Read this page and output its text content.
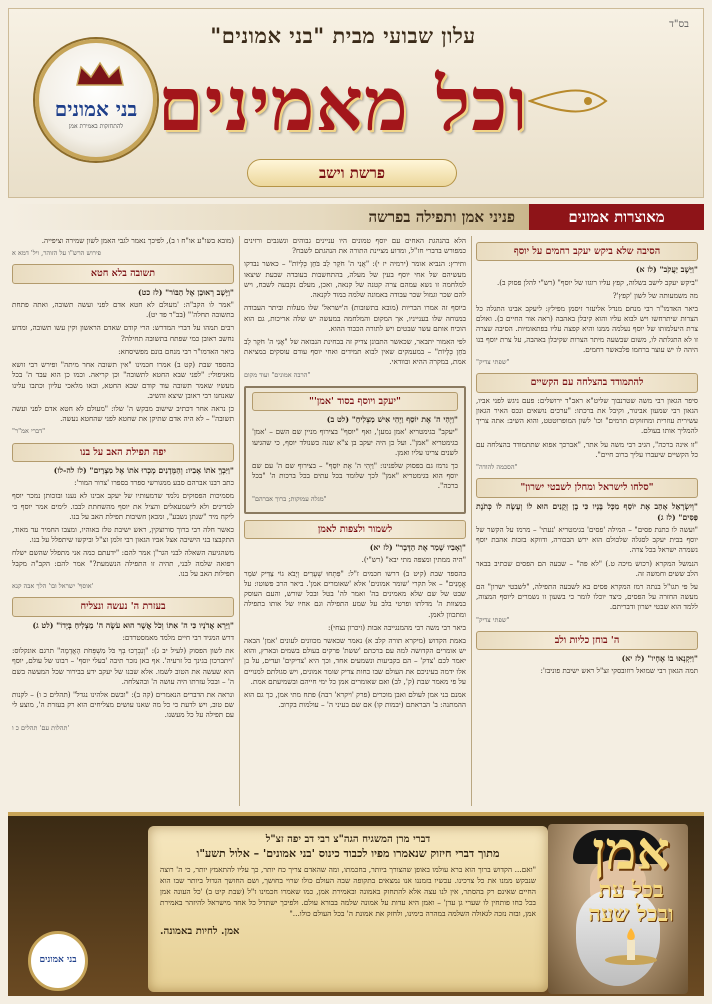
בס"ד
עלון שבועי מבית "בני אמונים"
וכל מאמינים
פרשת וישב
בני אמונים
להתחזקות באמירת אמן
מאוצרות אמונים
פניני אמן ותפילה בפרשה
הסיבה שלא ביקש יעקב רחמים על יוסף
"וַיֵּשֶׁב יַעֲקֹב" (לז א)
"ביקש יעקב לישב בשלוה, קפץ עליו רוגזו של יוסף" (רש"י להלן פסוק ב).
מה משמעותה של לשון 'קפץ'?
ביאר האדמו"ר רבי מנחם מנדל אליעזר זיסמן מפילץ: ליעקב אבינו התגלה כל הצרות שיתרחשו ויש לבוא עליו והוא קיבלן באהבה (ראה אור החיים ב). ואולם צרת היעלמותו של יוסף נעלמה ממנו והיא קפצה עליו בפתאומיות. הסיבה שצרה זו לא התגלתה לו, משום שבשעה מיתר הצרות שקיבלן באהבה, על צרת יוסף בנו היהה לו יש עוצר ברחמו פלכאשר רחמים.
"שפתי צדיק"
להתמודד בהצלחה עם הקשיים
סיפר הגאון רבי משה שטרנבוך שליט"א ראב"ד ירושלים: פעם ניגש לפני אביו, הגאון רבי שמעון אבינור, וקיבל את ברכתו: "ערכים נושאים ונכס האיר הגאון עשירית עוזרית ומחזוקים תרמים" וכו' לשון המופרוטטט, והוא השיב: אתה צריך להמליך אותו בעולם.
"זו אינה ברכה", הגיב רבי משה על אתר, "אברכך אפוא שתתמודד בהצלחה עם כל הקשיים שיעברו עליך ברוב חיים".
"הסכמה להודה"
"סלחו לישראל ומחלן לשבטי ישרון"
"וְיִשְׂרָאֵל אָהַב אֶת יוֹסֵף מִכָּל בָּנָיו כִּי בֶן זְקֻנִים הוּא לוֹ וְעָשָׂה לוֹ כְּתֹנֶת פַּסִּים" (לז ג)
"ועשה לו כתנת פסים" – המילה 'פסים' בגימטריא 'נעתי' – מרמז על הקשר של יוסף בבית יעקב לסגלה שלכולם הוא ירש הבכורה, ודווקא בזכות אהבת יוסף נשמרה ישראל בכל צרה.
הנמשל המקרא (רכוש מיכה ט.) "לא פה" – שבעה הם הפסים שכתיב בבאר הלב ששים וחמשה זה.
על פי תגו"ל בנתה רמז המקרא פסים בא לשבעה התפילה, "לשבטי ישרון" הם מעשה החזרה על הפסים, כיצד יוכלו לומר כי בשעון זו נשמרים ליוסף המצוה, ללמד הוא שבטי ישרון ודבריתם.
"שפתי צדיק"
ה' בוחן כליות ולב
"וַיִּקְנְאוּ בוֹ אֶחָיו" (לז יא)
תמה הגאון רבי שמואל רוזובסקי זצ"ל ראש ישיבת פוניבז':
הלא בהנהגת האחים עם יוסף טמונים היו עניינים גבוהים ונשגבים ורזינים כמפורש בדברי חז"ל, ומדוע מציינת התורה את הנהגתם לשבח?
ותירץ: הנביא אומר (ירמיה יז י): "אֲנִי ה' חֹקֵר לֵב בֹּחֵן כְּלָיוֹת" – כאשר נבדקו מעשיהם של אחי יוסף בעין של מעלה, בהתחשבות בעובדה שבעת שיצאו למלחמה זו נשא עמהם צרה קטנה של קנאה, ואכן, מעלם נקבעה לשבח, ויש להם שכר וגמול שכר עבודה באמונה שלמה במוד לקנאה.
ביוסף זה אמרו הבריות (מובא בתשובות) ה'ישראל' שלו מעלות וביתר העבודה במנוחה שלו בענייניו, אך המקום והמלחמה במעשה יש שלה אריכות, גם הוא הוכיח אותם עשר שבטים ויש לתורה הכבוד ההוא.
לפי האמור יתבאר, שכאשר התבונן צדיק זה בבחינת הנבואה של "אֲנִי ה' חֹקֵר לֵב בֹּחֵן כְּלָיוֹת" – במעמקים שאין לבוא תמידים ואחי יוסף עודם עוסקים במציאת אמת, במקרה ההיא ובוודאי.
"הרבה אמונים" ועוד מקום
"יעקב ויוסף בסוד 'אמן'"
"וַיְהִי ה' אֶת יוֹסֵף וַיְהִי אִישׁ מַצְלִיחַ" (לט ב)
"יעקב" בגימטריא 'אמן נמען', ואף "יוסף" בצירוף מניין שם השם – 'אמן' בגימטריא "אמן". ועל כן היה יעקב בן צ"א שנה כשנולד יוסף, כי שהגיעו לשנים צרינו עליו ואמן.
כך נרמז גם בפסוק שלפנינו: "וַיְהִי ה' אֶת יוֹסֵף" – בצירוף שם ה' עם שם יוסף הוא בגימטריא "אמן" לכך שלומד בכל עתים בכל ברכות ה' "בכל ברכה".
"מגלה עמוקות; ברוך אברהם"
לשמור ולצפות לאמן
"וְאָבִיו שָׁמַר אֶת הַדָּבָר" (לז יא)
"היה ממתין ומצפה מתי יבא" (רש"י).
בהספד שבת (קיט ב) דרשו חכמים ז"ל: "פִּתְחוּ שְׁעָרִים וְיָבֹא גוֹי צַדִּיק שֹׁמֵר אֱמֻנִים" – אל תקרי 'שומר אמונים' אלא 'שאומרים אמן'. ביאר הרב פשוטו: על שבט של שם שלא מאמינים בה' ואמר לה' בטל ובכל שורש, והעם העוסק במצוות ה' מדלתו ופרטי בלב על שמע התפילה וגם אחיו של אותו בתפילה ומתכוון לאמן.
ביאר רבי משה רבי מהמנגייבה אבות (זיכרון נצחי):
באמת הקדוש (מיקרא תורה קלב א) נאמר שכאשר מכוונים לעונים 'אמן' הבאה יש אומרים הקדושה למה עם ברכתם 'ששת' פרקים בעולם בשמים ובארץ, והוא יאמר לכם 'צדק' – הם בקביעות ונשמעים אחד, וכך היא 'צדיקים' ועדים, על כן אלו ידמה בעיניכם את העולם שבו כחות צדיק שומר אמונים, ויש סגולתם למנויים על פי מאמר שבת (ק', לב) ואם שאומרים אמן כל ימי חייהם ובשמיעתם אמת.
אמנם בני אמן לעולם ואבן מוכרים (פרק 'ויקרא' רבה) פתח מתי אמן, כך גם הוא ההמתנה: ב' הבראתם (יבמות קו) אם שם בעיני ה' – עולמות בקרוב.
(מובא בשו"ע או"ח ו ב), לפיכך נאמר לגבי האמן לשון שמירה וציפייה.
פירוש הרש"ו על הזוהר, ויל' דמא א
תשובה בלא חטא
"וַיָּשָׁב רְאוּבֵן אֶל הַבּוֹר" (לז כט)
"אמר לו הקב"ה: 'מעולם לא חטא אדם לפני ועשה תשובה, ואתה פתחת בתשובה תחלה'" (בב"ר פד יט).
רבים תמהו על דברי המדרש: הרי קודם שאדם הראשון וקין עשו תשובה, ומדוע נחשב ראובן כמי שפתח בתשובה תחילה?
ביאר האדמו"ר רבי מנחם בונם מפשיסחא:
בהספד שבת (קט ב) אמרו חכמינו "אין תשובה אחר מיתה" ופירש רבי זושא מאניפולי: "לפני שבא החטא לתשובה" וכן קריאה. וכמו כן הוא עבד ה' בכל מעשיו שאמר תשובה עוד קודם שבא החטא, ובאו מלאכי עליון וכתבו עלינו שאנחנו רבי ראובן שיצא והשיב.
כן נראה אחר דכתיב שישוב מבקש ה' שלו: "מעולם לא חטא אדם לפני ועשה תשובה" – לא היה אדם שתיקן את שחטא לפני שהחטא נעשה.
"דברי אמ"ר"
יפה תפילת האב על בנו
"וַיִּבְךְּ אֹתוֹ אָבִיו: וְהַמְּדָנִים מָכְרוּ אֹתוֹ אֶל מִצְרַיִם" (לז לה-לו)
כתב רבנו אברהם סבע ממגורשי ספרד בספרו 'צרור המור':
מסמיכות הפסוקים נלמד שדמעותיו של יעקב אבינו לא נענו ובזכותן נמכר יוסף למדינים ולא לישמעאלים והציל את יוסף מהשחתת לבבו. לימים אמר יוסף כי ליקח מיד "שנתן נשבע", ומכאן חשיבות תפילת האב על בנו.
כאשר חלה רבי ברוך סורוצקין, ראש ישיבת טלז באוהיו, ומצבו החמיר עד מאוד, התקבצו בני הישיבה אצל אביו הגאון רבי זלמן זצ"ל וביקשו שיתפלל על בנו.
משהגיעה השאלה לבני הגר"ן אמר להם: "ידעתם כמה אני מתפלל שהשם ישלח רפואה שלמה לבני, תהיה זו התפילה הנשמעת?" אמר להם: הקב"ה מקבל תפילות האב על בנו.
'אוסף' ישראל ובו' הלך אבה קנא
בעזרת ה' נעשה ונצליח
"וַיַּרְא אֲדֹנָיו כִּי ה' אִתּוֹ וְכֹל אֲשֶׁר הוּא עֹשֶׂה ה' מַצְלִיחַ בְּיָדוֹ" (לט ג)
דרש המגיד רבי חיים מלמד מאמסטרדם:
את לשון הפסוק (לעיל יב ג): "וְנִבְרְכוּ בְךָ כֹּל מִשְׁפְּחֹת הָאֲדָמָה" תרגם אונקלוס: 'ויתברכון בגינך כל זרעיה'. אף כאן נזכר תיבה 'בעלי יוסף' – רבונו של עולם, יוסף הוא שעשה את הטוב לשמו. אלא שבנו של יעקב ידע בבירור שכל המעשה בשם ה' – ובכל עזרתו היה עושה ה' ובהצלחה.
ונראה את הדברים הנאמרים (קה ב): "ובשם אלהינו נגדל" (תהלים כ ו) – לקנות שם טוב, ויש לדעת כי כל מה שאנו עושים מצליחים הוא רק בעזרת ה', מוצע לי עם תפילה על כל מעשנו.
'תהלות עם' תהלים כ ו
דברי מרן המשגיח הגה"צ רבי דב יפה זצ"ל
מתוך דברי חיזוק שנאמרו מפיו לכבוד כינוס 'בני אמונים' – אלול תשע"ו
"ואם... הקדוש ברוך הוא ברא עולמו באופן שהצורך ביותר, בחכמתו, ומה שהאדם צריך כח יותר, כך עליו להתאמץ יותר, כי ה' רוצה שנבקש ממנו את כל צרכינו. עכשיו בזמננו אנו נמצאים בתקופה שבה העולם כולו שרוי בחושך, ושם החושך הגדול ביותר שבו הוא החיים שאינם רק בהסתר, אין לנו עצה אלא להתחזק באמונה ובאמירת אמן, כמו שאמרו חכמינו ז"ל (שבת קיט ב) 'כל העונה אמן בכל כחו פותחין לו שערי גן עדן' – ואמן היא עדות על אמונה שלמה בבורא עולם. ולפיכך ישתדל כל אחד מישראל להיזהר באמירת אמן, ובזה נזכה לגאולה השלמה במהרה בימינו, ולחזק את אמונת ה' בכל העולם כולו..."
אמן. לחיות באמונה.
אמן
בכל עת
ובכל שעה
בני אמונים
